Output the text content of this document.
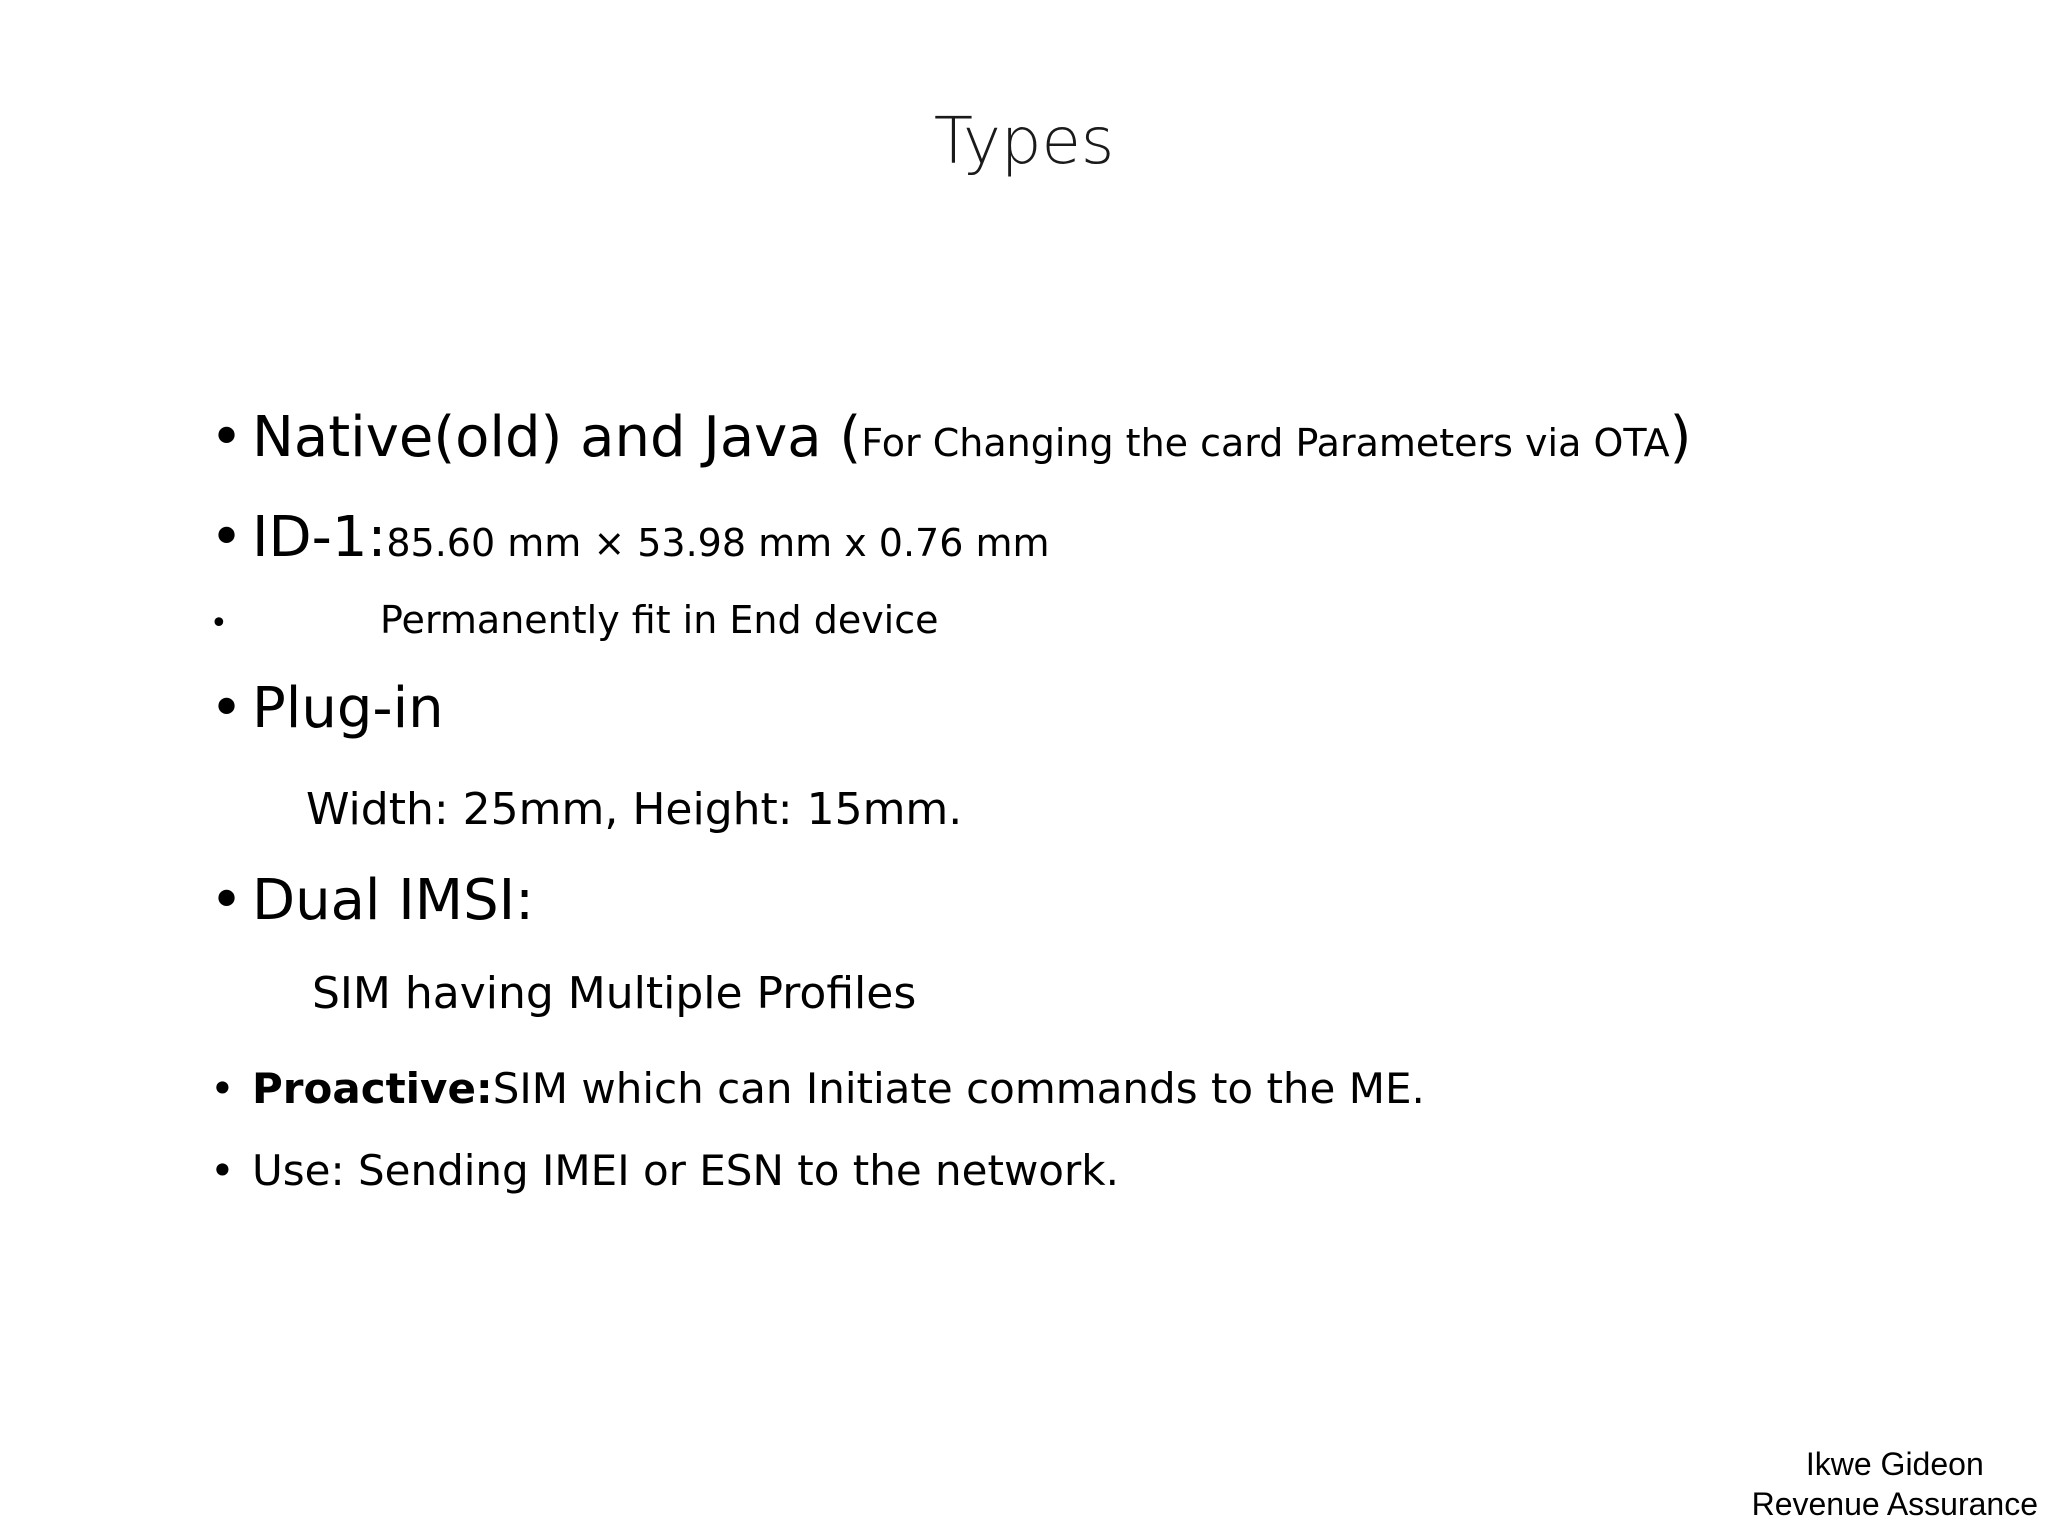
Types
• Native(old) and Java ( For Changing the card Parameters via OTA )
• ID-1: 85.60 mm × 53.98 mm x 0.76 mm
•	Permanently fit in End device
• Plug-in
Width: 25mm, Height: 15mm.
• Dual IMSI:
SIM having Multiple Profiles
• Proactive: SIM which can Initiate commands to the ME.
• Use: Sending IMEI or ESN to the network.
Ikwe Gideon
Revenue Assurance
